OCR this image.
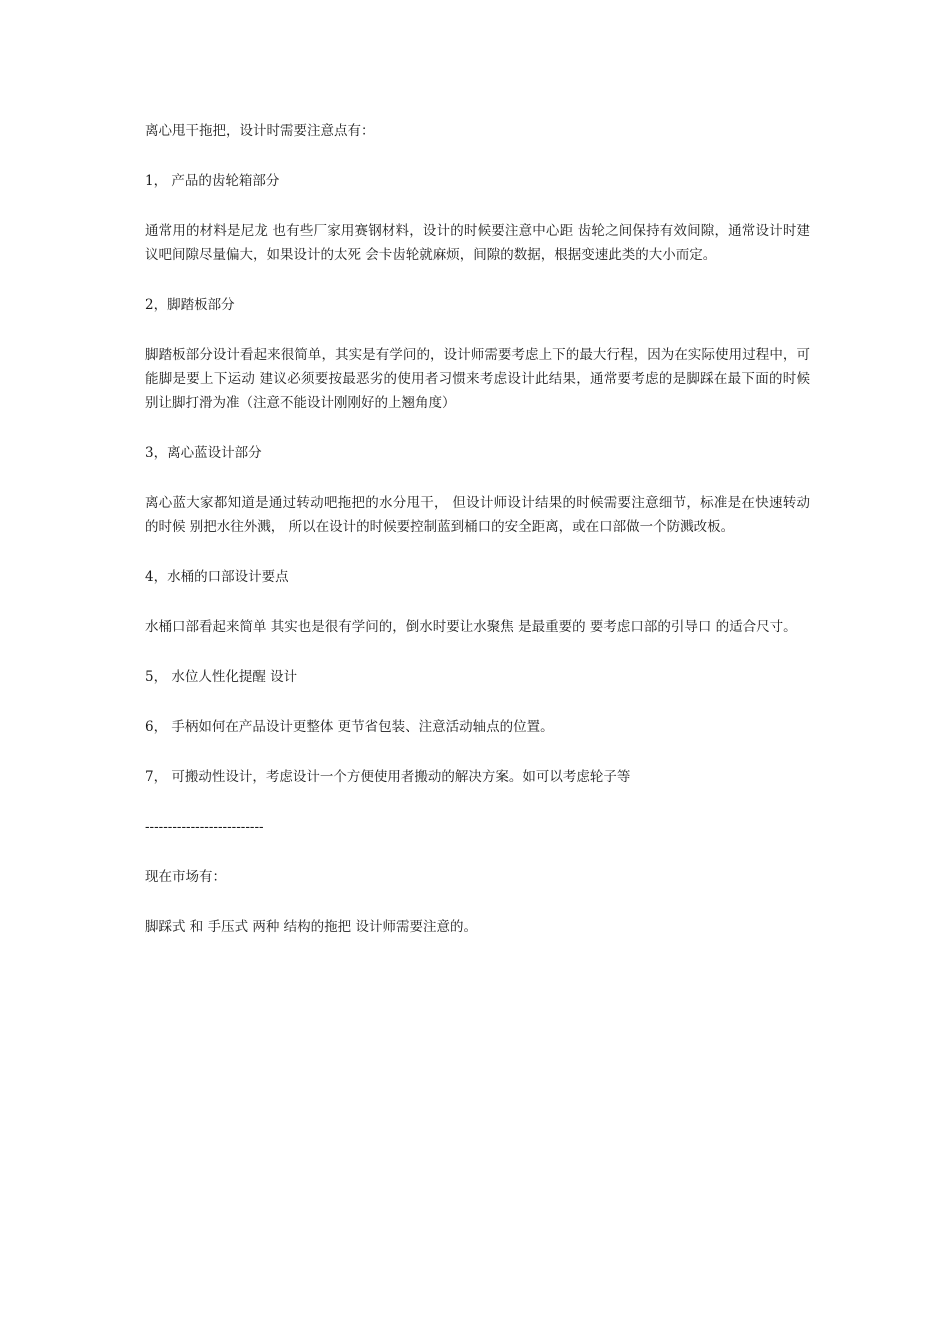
离心甩干拖把，设计时需要注意点有：

1， 产品的齿轮箱部分

通常用的材料是尼龙 也有些厂家用赛钢材料，设计的时候要注意中心距 齿轮之间保持有效间隙，通常设计时建议吧间隙尽量偏大，如果设计的太死 会卡齿轮就麻烦，间隙的数据，根据变速此类的大小而定。

2，脚踏板部分

脚踏板部分设计看起来很简单，其实是有学问的，设计师需要考虑上下的最大行程，因为在实际使用过程中，可能脚是要上下运动 建议必须要按最恶劣的使用者习惯来考虑设计此结果，通常要考虑的是脚踩在最下面的时候别让脚打滑为准（注意不能设计刚刚好的上翘角度）

3，离心蓝设计部分

离心蓝大家都知道是通过转动吧拖把的水分甩干， 但设计师设计结果的时候需要注意细节，标准是在快速转动的时候 别把水往外溅， 所以在设计的时候要控制蓝到桶口的安全距离，或在口部做一个防溅改板。

4，水桶的口部设计要点

水桶口部看起来简单 其实也是很有学问的，倒水时要让水聚焦 是最重要的 要考虑口部的引导口 的适合尺寸。

5， 水位人性化提醒 设计

6， 手柄如何在产品设计更整体 更节省包装、注意活动轴点的位置。

7， 可搬动性设计，考虑设计一个方便使用者搬动的解决方案。如可以考虑轮子等

--------------------------

现在市场有：

脚踩式 和 手压式 两种 结构的拖把 设计师需要注意的。
